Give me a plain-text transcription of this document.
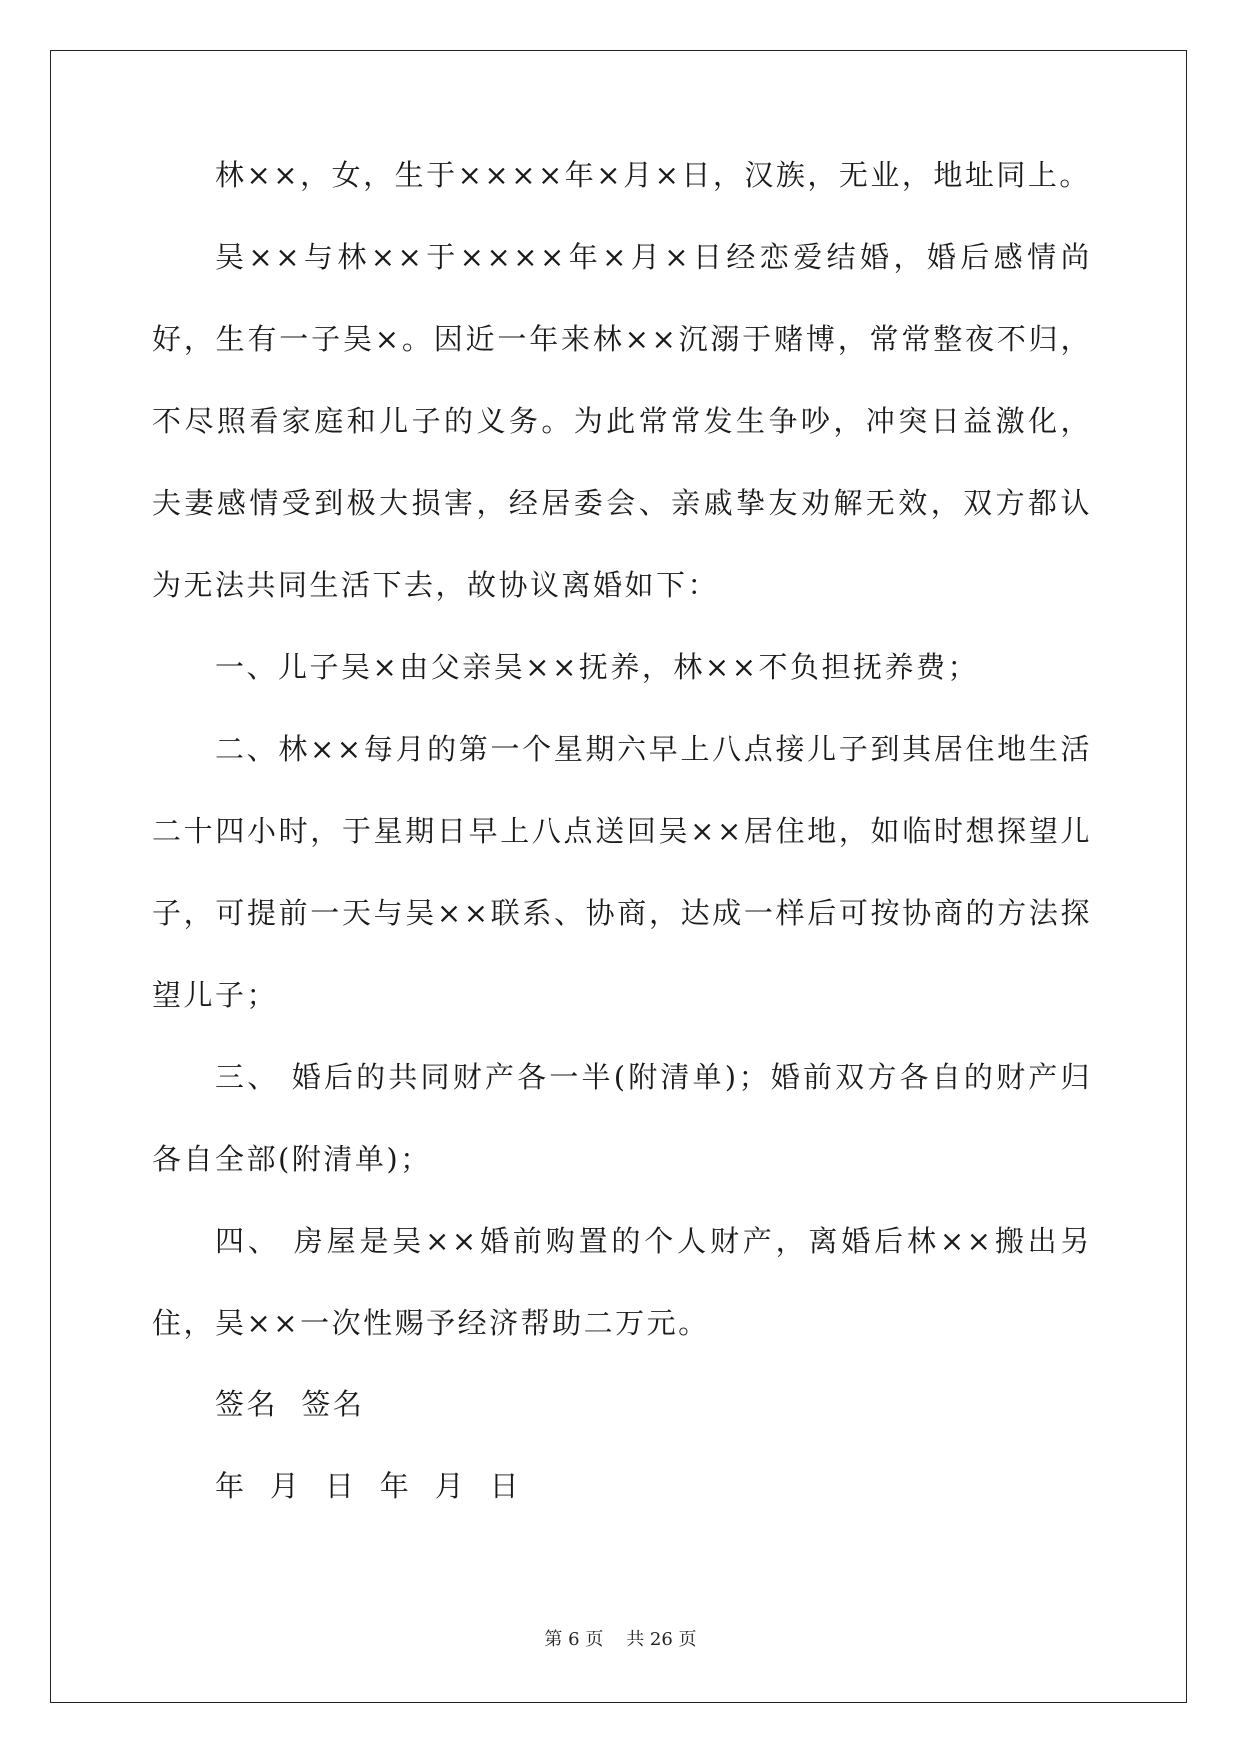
林××，女，生于××××年×月×日，汉族，无业，地址同上。

吴××与林××于××××年×月×日经恋爱结婚，婚后感情尚好，生有一子吴×。因近一年来林××沉溺于赌博，常常整夜不归，不尽照看家庭和儿子的义务。为此常常发生争吵，冲突日益激化，夫妻感情受到极大损害，经居委会、亲戚挚友劝解无效，双方都认为无法共同生活下去，故协议离婚如下：

一、儿子吴×由父亲吴××抚养，林××不负担抚养费；

二、林××每月的第一个星期六早上八点接儿子到其居住地生活二十四小时，于星期日早上八点送回吴××居住地，如临时想探望儿子，可提前一天与吴××联系、协商，达成一样后可按协商的方法探望儿子；

三、 婚后的共同财产各一半(附清单)；婚前双方各自的财产归各自全部(附清单)；

四、 房屋是吴××婚前购置的个人财产，离婚后林××搬出另住，吴××一次性赐予经济帮助二万元。

签名  签名

年  月  日  年  月  日

第 6 页    共 26 页
